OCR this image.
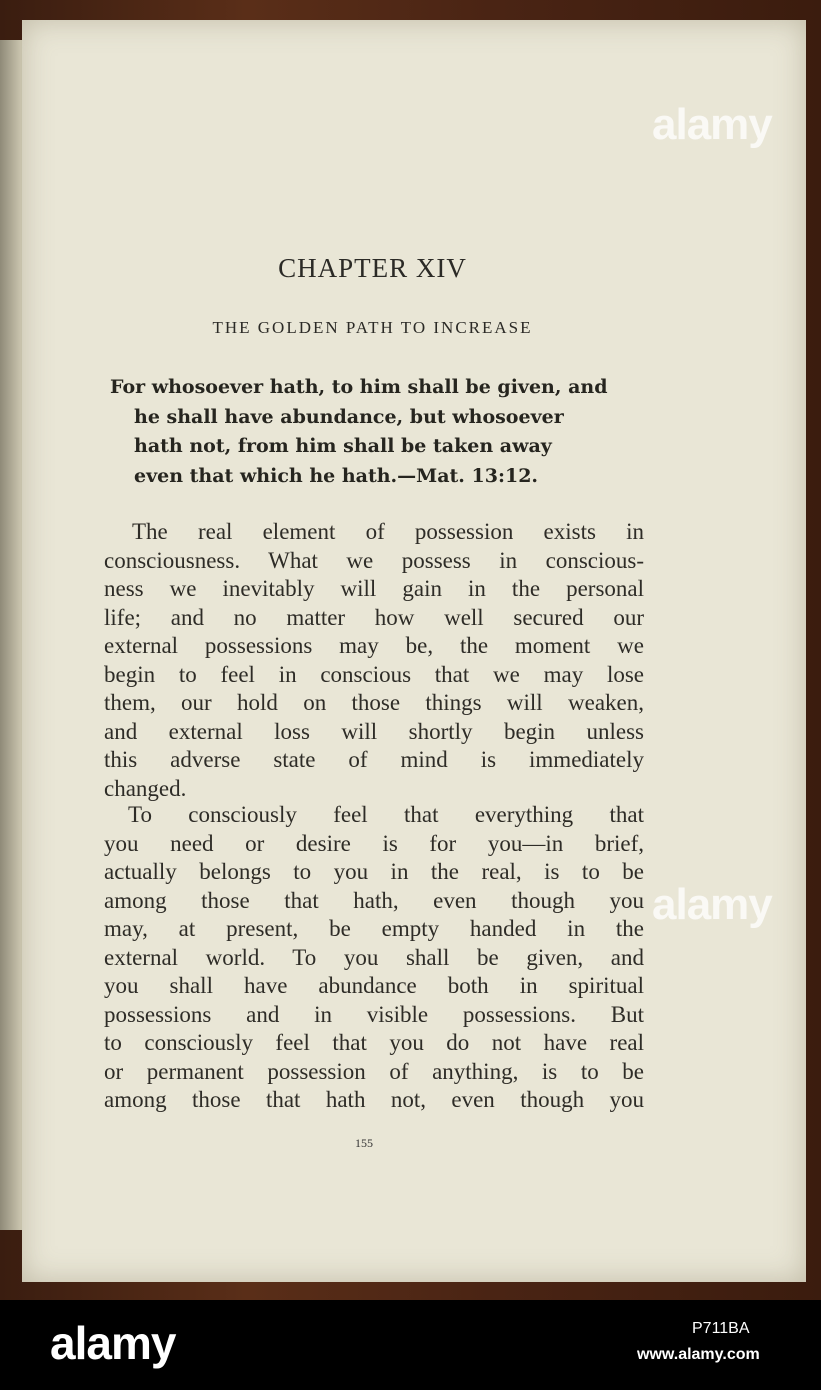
CHAPTER XIV
THE GOLDEN PATH TO INCREASE
For whosoever hath, to him shall be given, and
he shall have abundance, but whosoever
hath not, from him shall be taken away
even that which he hath.—Mat. 13:12.
The real element of possession exists in
consciousness. What we possess in conscious-
ness we inevitably will gain in the personal
life; and no matter how well secured our
external possessions may be, the moment we
begin to feel in conscious that we may lose
them, our hold on those things will weaken,
and external loss will shortly begin unless
this adverse state of mind is immediately
changed.
To consciously feel that everything that
you need or desire is for you—in brief,
actually belongs to you in the real, is to be
among those that hath, even though you
may, at present, be empty handed in the
external world. To you shall be given, and
you shall have abundance both in spiritual
possessions and in visible possessions. But
to consciously feel that you do not have real
or permanent possession of anything, is to be
among those that hath not, even though you
155
alamy
alamy
alamy	P711BA
www.alamy.com
